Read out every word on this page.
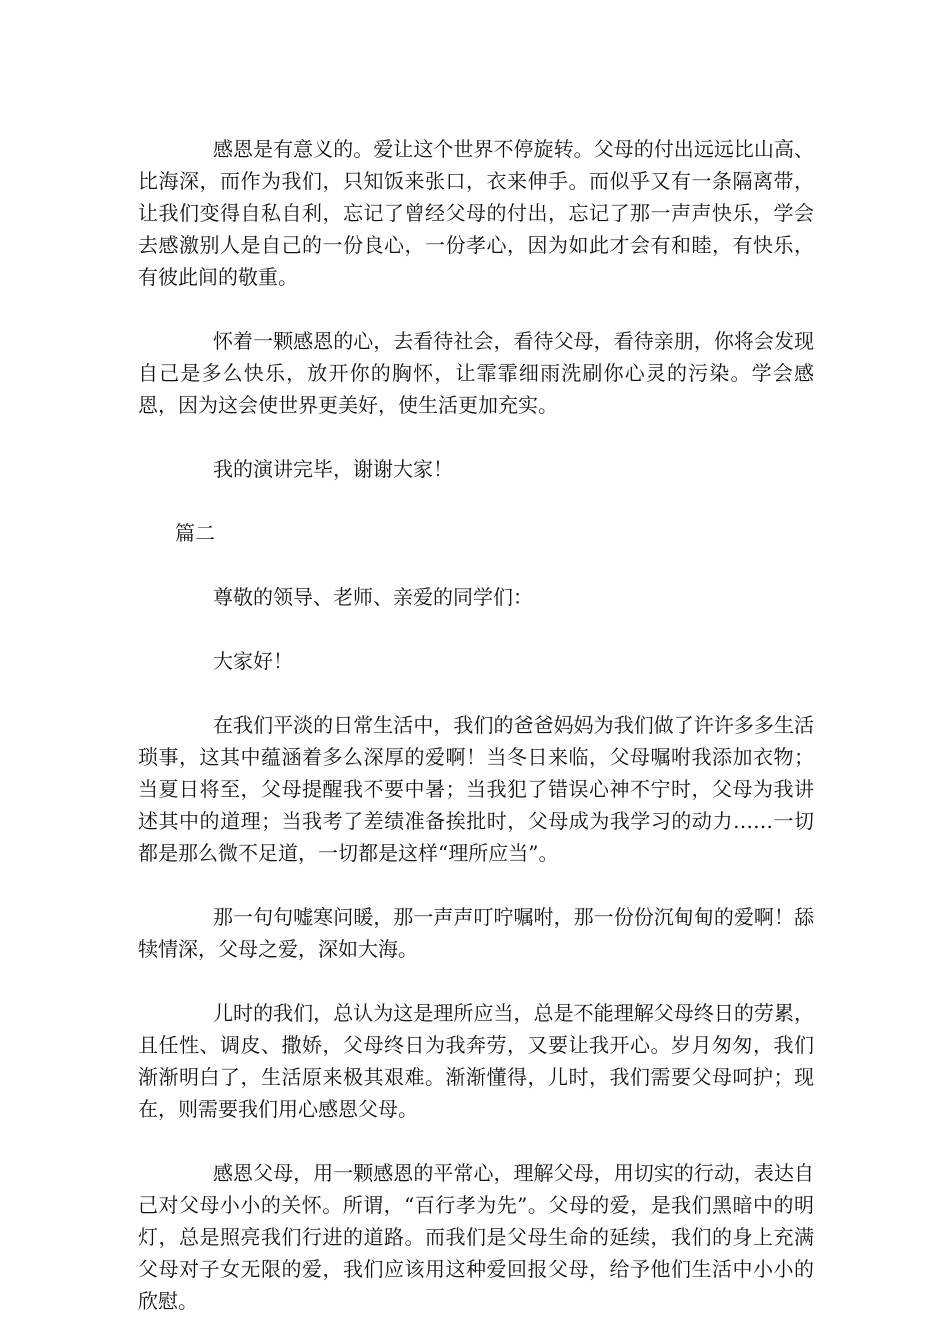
感恩是有意义的。爱让这个世界不停旋转。父母的付出远远比山高、比海深，而作为我们，只知饭来张口，衣来伸手。而似乎又有一条隔离带，让我们变得自私自利，忘记了曾经父母的付出，忘记了那一声声快乐，学会去感激别人是自己的一份良心，一份孝心，因为如此才会有和睦，有快乐，有彼此间的敬重。

怀着一颗感恩的心，去看待社会，看待父母，看待亲朋，你将会发现自己是多么快乐，放开你的胸怀，让霏霏细雨洗刷你心灵的污染。学会感恩，因为这会使世界更美好，使生活更加充实。

我的演讲完毕，谢谢大家！

篇二

尊敬的领导、老师、亲爱的同学们：

大家好！

在我们平淡的日常生活中，我们的爸爸妈妈为我们做了许许多多生活琐事，这其中蕴涵着多么深厚的爱啊！当冬日来临，父母嘱咐我添加衣物；当夏日将至，父母提醒我不要中暑；当我犯了错误心神不宁时，父母为我讲述其中的道理；当我考了差绩准备挨批时，父母成为我学习的动力……一切都是那么微不足道，一切都是这样“理所应当”。

那一句句嘘寒问暖，那一声声叮咛嘱咐，那一份份沉甸甸的爱啊！舔犊情深，父母之爱，深如大海。

儿时的我们，总认为这是理所应当，总是不能理解父母终日的劳累，且任性、调皮、撒娇，父母终日为我奔劳，又要让我开心。岁月匆匆，我们渐渐明白了，生活原来极其艰难。渐渐懂得，儿时，我们需要父母呵护；现在，则需要我们用心感恩父母。

感恩父母，用一颗感恩的平常心，理解父母，用切实的行动，表达自己对父母小小的关怀。所谓，“百行孝为先”。父母的爱，是我们黑暗中的明灯，总是照亮我们行进的道路。而我们是父母生命的延续，我们的身上充满父母对子女无限的爱，我们应该用这种爱回报父母，给予他们生活中小小的欣慰。
